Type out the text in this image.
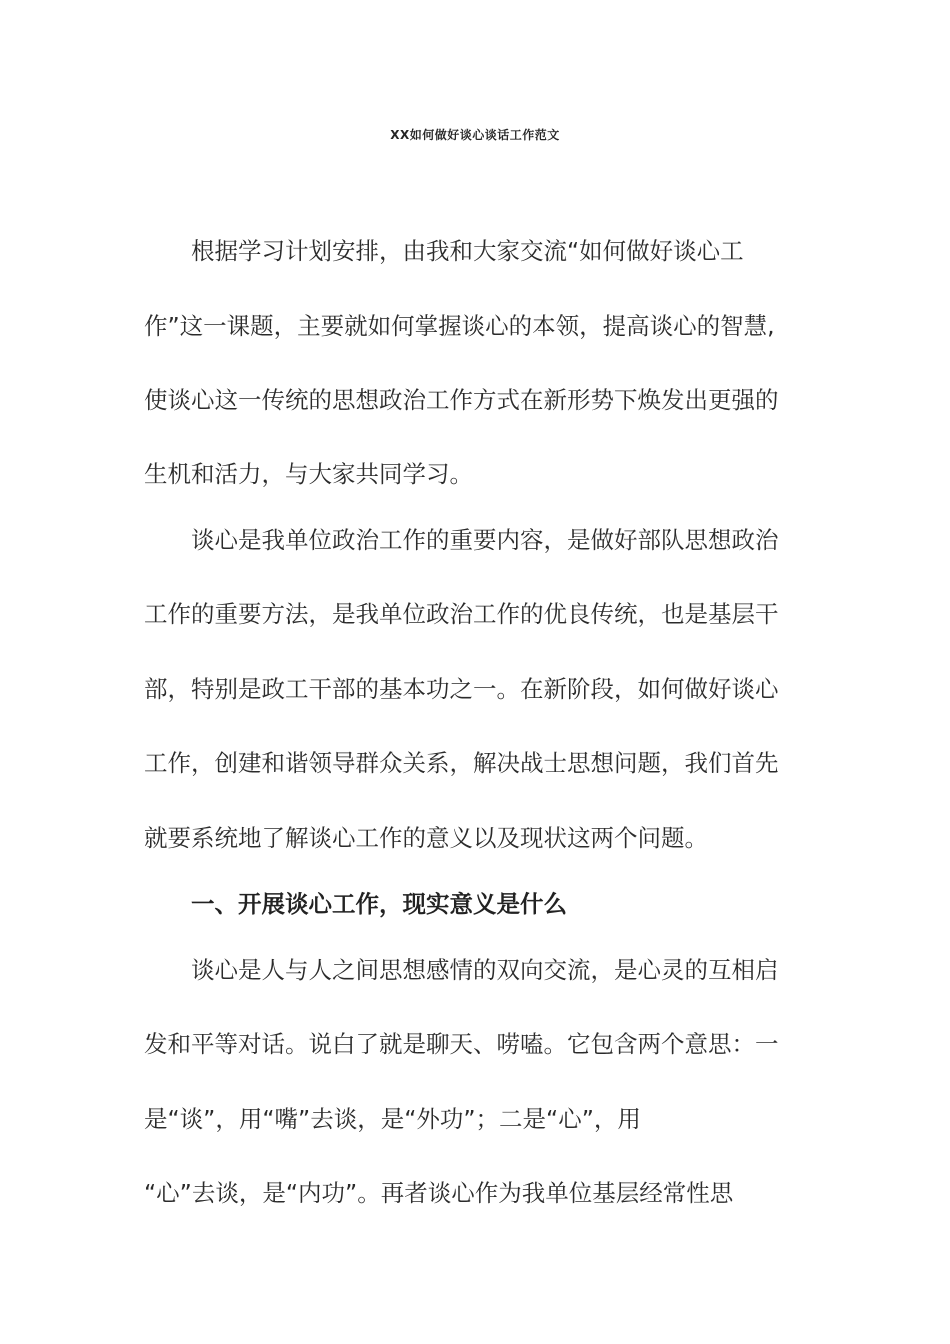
XX如何做好谈心谈话工作范文
根据学习计划安排，由我和大家交流“如何做好谈心工
作”这一课题，主要就如何掌握谈心的本领，提高谈心的智慧,
使谈心这一传统的思想政治工作方式在新形势下焕发出更强的
生机和活力，与大家共同学习。
谈心是我单位政治工作的重要内容，是做好部队思想政治
工作的重要方法，是我单位政治工作的优良传统，也是基层干
部，特别是政工干部的基本功之一。在新阶段，如何做好谈心
工作，创建和谐领导群众关系，解决战士思想问题，我们首先
就要系统地了解谈心工作的意义以及现状这两个问题。
一、开展谈心工作，现实意义是什么
谈心是人与人之间思想感情的双向交流，是心灵的互相启
发和平等对话。说白了就是聊天、唠嗑。它包含两个意思：一
是“谈”，用“嘴”去谈，是“外功”；二是“心”，用
“心”去谈，是“内功”。再者谈心作为我单位基层经常性思
